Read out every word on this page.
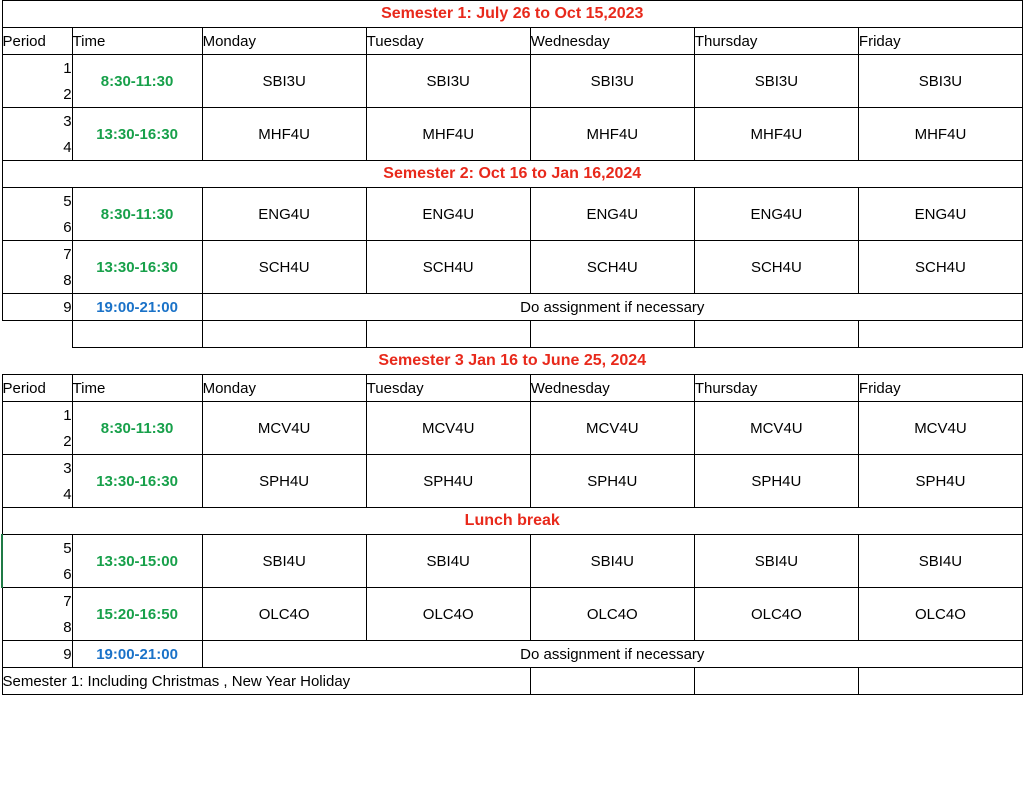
Semester 1: July 26 to Oct 15,2023						
Period	Time	Monday	Tuesday	Wednesday	Thursday	Friday
1	8:30-11:30	SBI3U	SBI3U	SBI3U	SBI3U	SBI3U
2						
3	13:30-16:30	MHF4U	MHF4U	MHF4U	MHF4U	MHF4U
4						
Semester 2: Oct 16 to Jan 16,2024						
5	8:30-11:30	ENG4U	ENG4U	ENG4U	ENG4U	ENG4U
6						
7	13:30-16:30	SCH4U	SCH4U	SCH4U	SCH4U	SCH4U
8						
9	19:00-21:00	Do assignment if necessary				

Semester 3 Jan 16 to June 25, 2024						
Period	Time	Monday	Tuesday	Wednesday	Thursday	Friday
1	8:30-11:30	MCV4U	MCV4U	MCV4U	MCV4U	MCV4U
2						
3	13:30-16:30	SPH4U	SPH4U	SPH4U	SPH4U	SPH4U
4						
Lunch break						
5	13:30-15:00	SBI4U	SBI4U	SBI4U	SBI4U	SBI4U
6						
7	15:20-16:50	OLC4O	OLC4O	OLC4O	OLC4O	OLC4O
8						
9	19:00-21:00	Do assignment if necessary				
Semester 1: Including Christmas , New Year Holiday						
